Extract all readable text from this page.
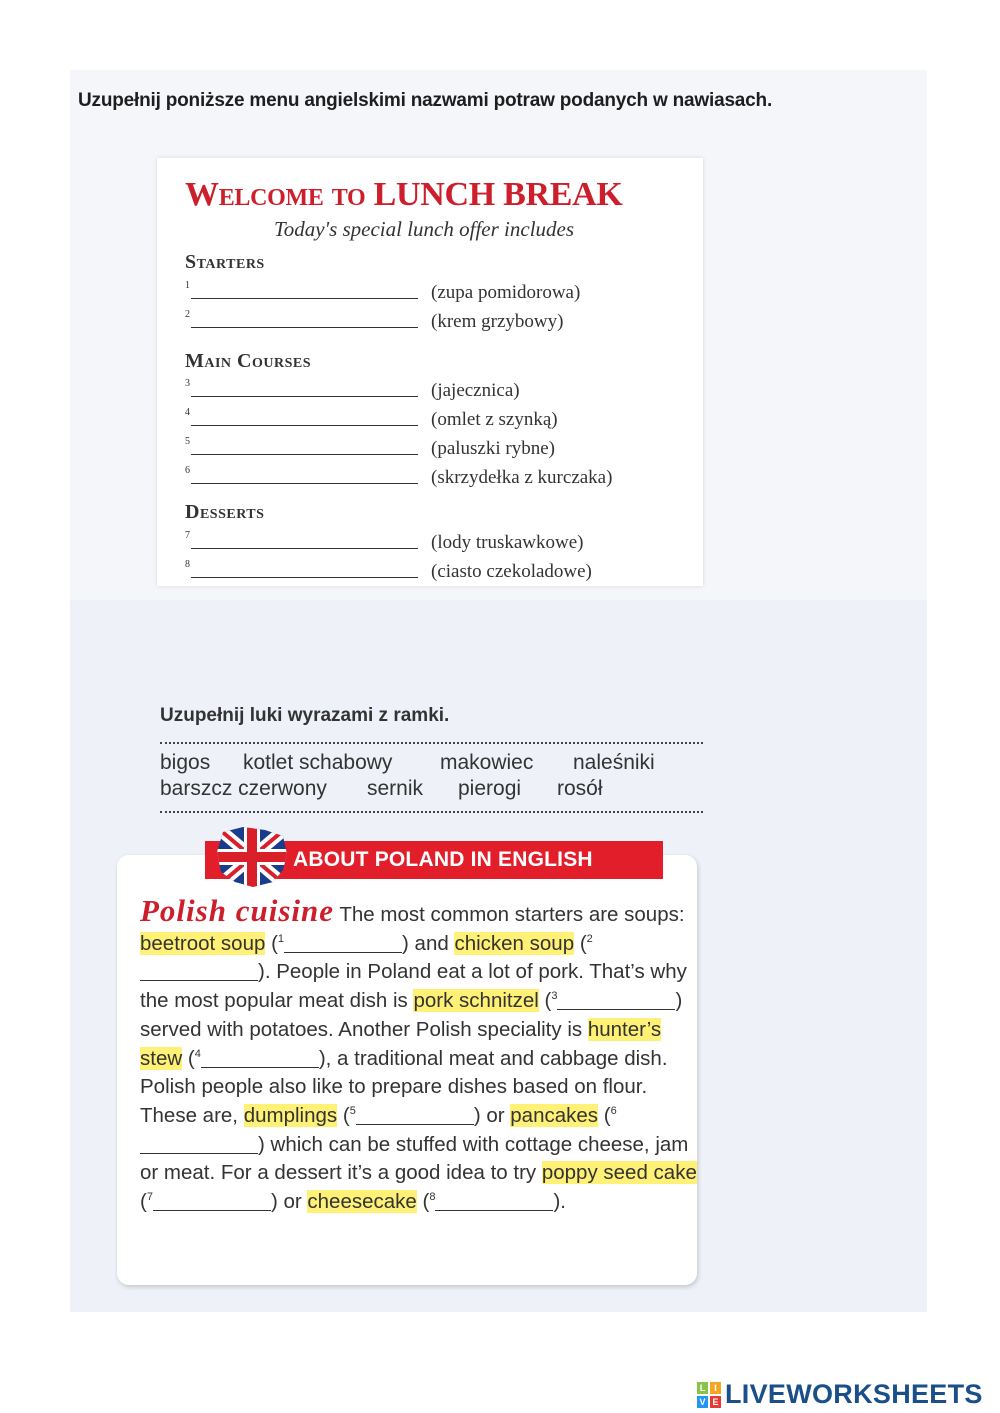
Uzupełnij poniższe menu angielskimi nazwami potraw podanych w nawiasach.
Welcome to LUNCH BREAK
Today's special lunch offer includes
Starters
1	(zupa pomidorowa)
2	(krem grzybowy)
Main Courses
3	(jajecznica)
4	(omlet z szynką)
5	(paluszki rybne)
6	(skrzydełka z kurczaka)
Desserts
7	(lody truskawkowe)
8	(ciasto czekoladowe)
Uzupełnij luki wyrazami z ramki.
bigos kotlet schabowy makowiec naleśniki
barszcz czerwony sernik pierogi rosół
ABOUT POLAND IN ENGLISH

Polish cuisine The most common starters are soups: beetroot soup ($^1$	) and chicken soup ($^2$). People in Poland eat a lot of pork. That’s why the most popular meat dish is pork schnitzel ($^3$	) served with potatoes. Another Polish speciality is hunter’s stew ($^4$	), a traditional meat and cabbage dish. Polish people also like to prepare dishes based on flour. These are, dumplings ($^5$	) or pancakes ($^6$) which can be stuffed with cottage cheese, jam or meat. For a dessert it’s a good idea to try poppy seed cake ($^7$	) or cheesecake ($^8$	).

L I
V E LIVEWORKSHEETS
